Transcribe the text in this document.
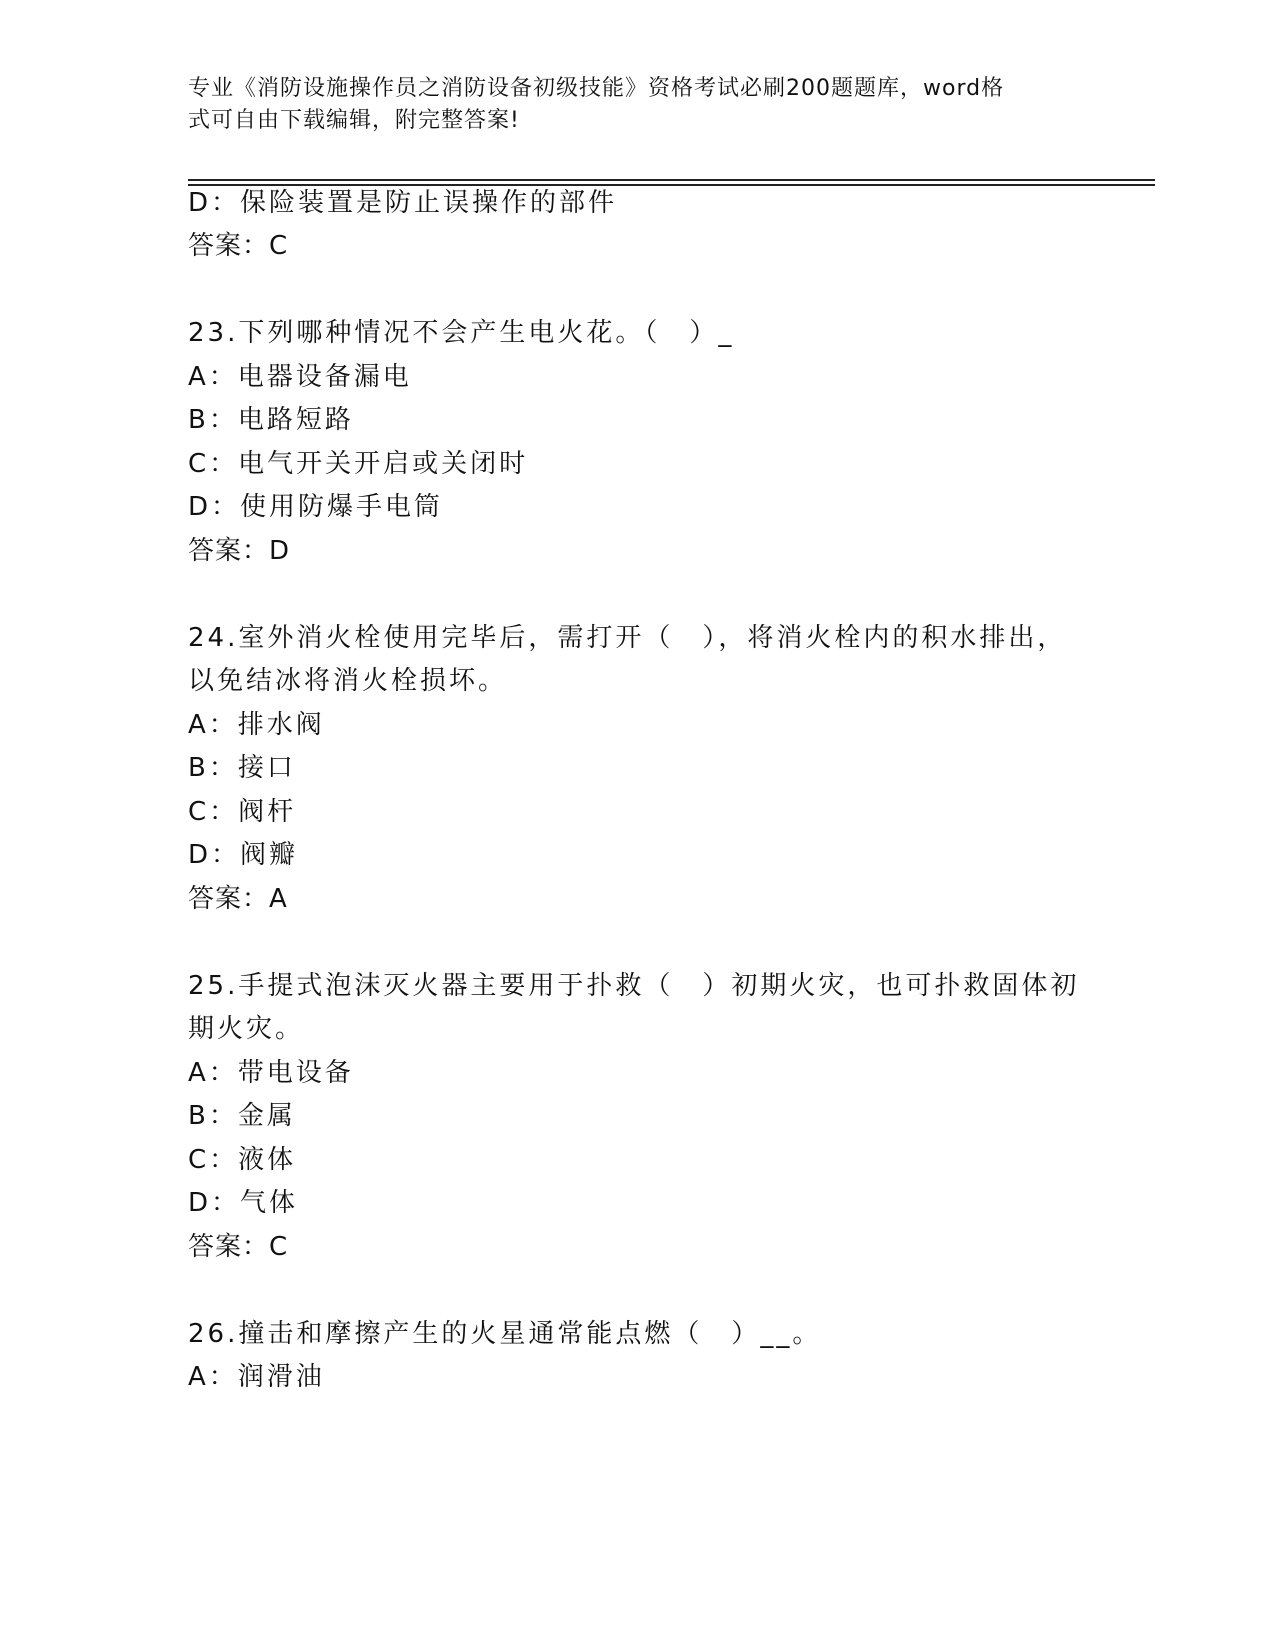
专业《消防设施操作员之消防设备初级技能》资格考试必刷200题题库，word格
式可自由下载编辑，附完整答案!
D：保险装置是防止误操作的部件
答案：C
23.下列哪种情况不会产生电火花。（　）_
A：电器设备漏电
B：电路短路
C：电气开关开启或关闭时
D：使用防爆手电筒
答案：D
24.室外消火栓使用完毕后，需打开（　），将消火栓内的积水排出，
以免结冰将消火栓损坏。
A：排水阀
B：接口
C：阀杆
D：阀瓣
答案：A
25.手提式泡沫灭火器主要用于扑救（　）初期火灾，也可扑救固体初
期火灾。
A：带电设备
B：金属
C：液体
D：气体
答案：C
26.撞击和摩擦产生的火星通常能点燃（　）__。
A：润滑油
